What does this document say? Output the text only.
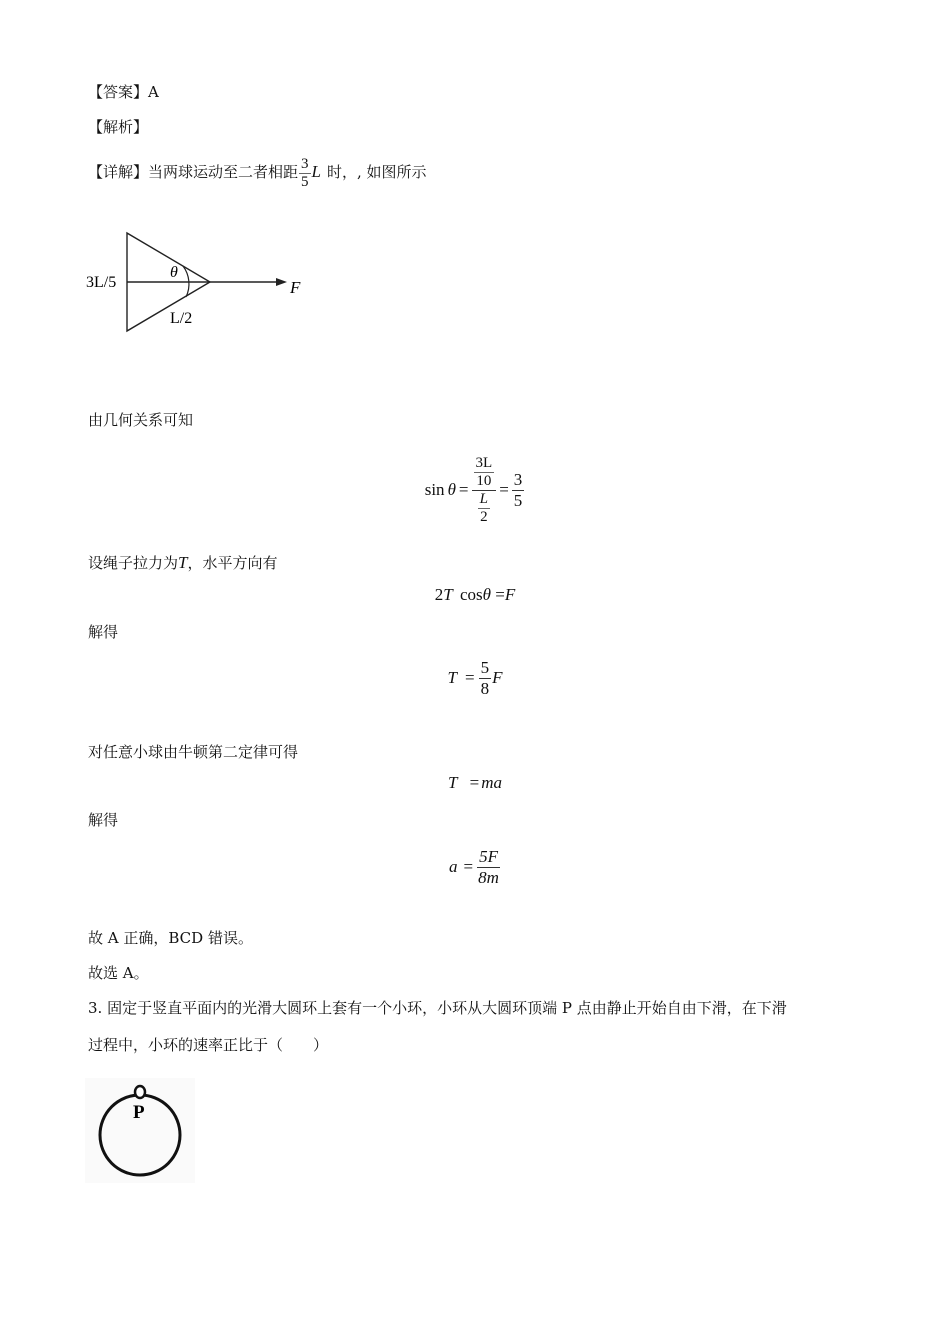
【答案】A
【解析】
【详解】当两球运动至二者相距 $\frac{3}{5}$ L 时，, 如图所示
3L/5
θ
L/2
F
由几何关系可知
$\sin \theta = \frac{\frac{3L}{10}}{\frac{L}{2}} = \frac{3}{5}$
设绳子拉力为T，水平方向有
2T cosθ =F
解得
$T = \frac{5}{8}$ F
对任意小球由牛顿第二定律可得
T = ma
解得
$a = \frac{5F}{8m}$
故 A 正确，BCD 错误。
故选 A。
3. 固定于竖直平面内的光滑大圆环上套有一个小环，小环从大圆环顶端 P 点由静止开始自由下滑，在下滑
过程中，小环的速率正比于（　　）
P
